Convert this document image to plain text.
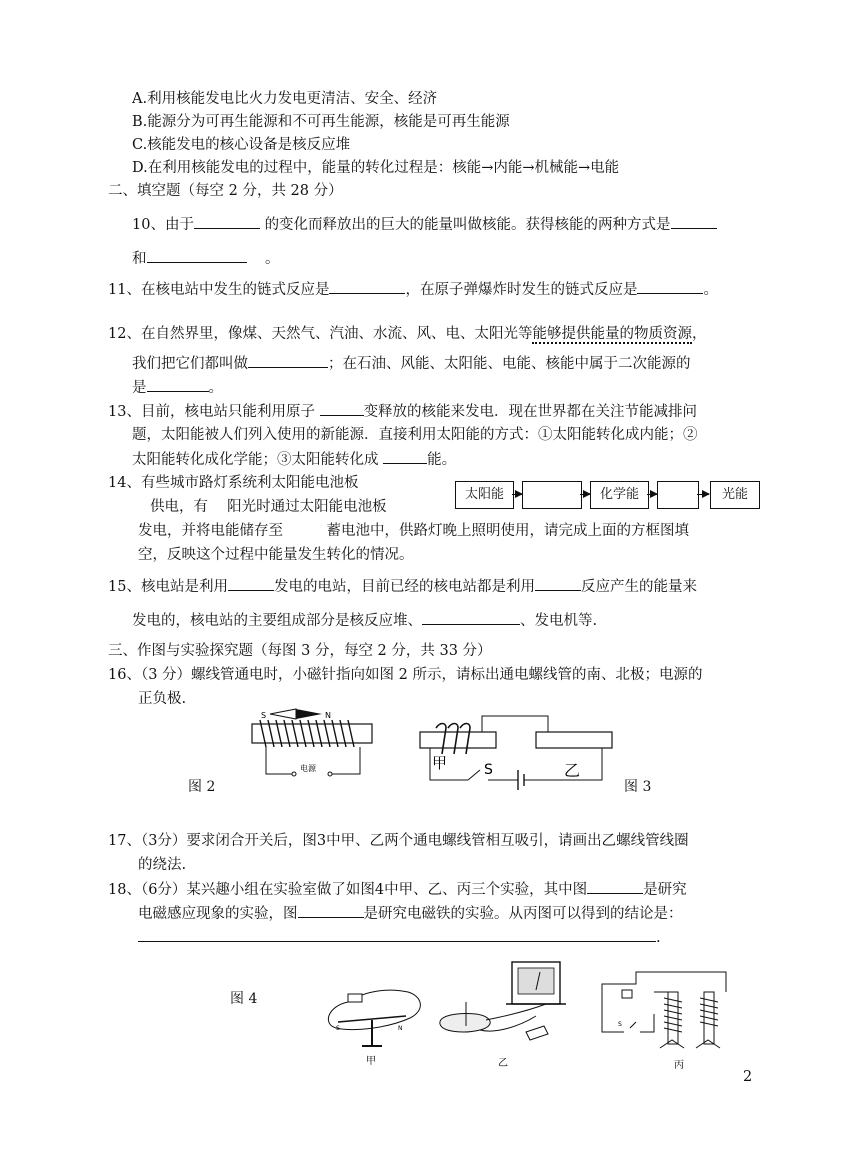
A.利用核能发电比火力发电更清洁、安全、经济
B.能源分为可再生能源和不可再生能源，核能是可再生能源
C.核能发电的核心设备是核反应堆
D.在利用核能发电的过程中，能量的转化过程是：核能→内能→机械能→电能
二、填空题（每空 2 分，共 28 分）
10、由于	的变化而释放出的巨大的能量叫做核能。获得核能的两种方式是
和	。
11、在核电站中发生的链式反应是	，在原子弹爆炸时发生的链式反应是	。
12、在自然界里，像煤、天然气、汽油、水流、风、电、太阳光等能够提供能量的物质资源，
我们把它们都叫做	；在石油、风能、太阳能、电能、核能中属于二次能源的
是	。
13、目前，核电站只能利用原子	变释放的核能来发电．现在世界都在关注节能减排问
题，太阳能被人们列入使用的新能源．直接利用太阳能的方式：①太阳能转化成内能；②
太阳能转化成化学能；③太阳能转化成	能。
14、有些城市路灯系统利太阳能电池板
供电，有　 阳光时通过太阳能电池板
发电，并将电能储存至　　　蓄电池中，供路灯晚上照明使用，请完成上面的方框图填
空，反映这个过程中能量发生转化的情况。
太阳能	化学能	光能
15、核电站是利用	发电的电站，目前已经的核电站都是利用	反应产生的能量来
发电的，核电站的主要组成部分是核反应堆、	、发电机等.
三、作图与实验探究题（每图 3 分，每空 2 分，共 33 分）
16、（3 分）螺线管通电时，小磁针指向如图 2 所示，请标出通电螺线管的南、北极；电源的
正负极.
S	N
电源
图 2
甲	S	乙
图 3
17、（3分）要求闭合开关后，图3中甲、乙两个通电螺线管相互吸引，请画出乙螺线管线圈
的绕法.
18、（6分）某兴趣小组在实验室做了如图4中甲、乙、丙三个实验，其中图	是研究
电磁感应现象的实验，图	是研究电磁铁的实验。从丙图可以得到的结论是：
.
图 4
S	N
甲	乙
S
丙
2
